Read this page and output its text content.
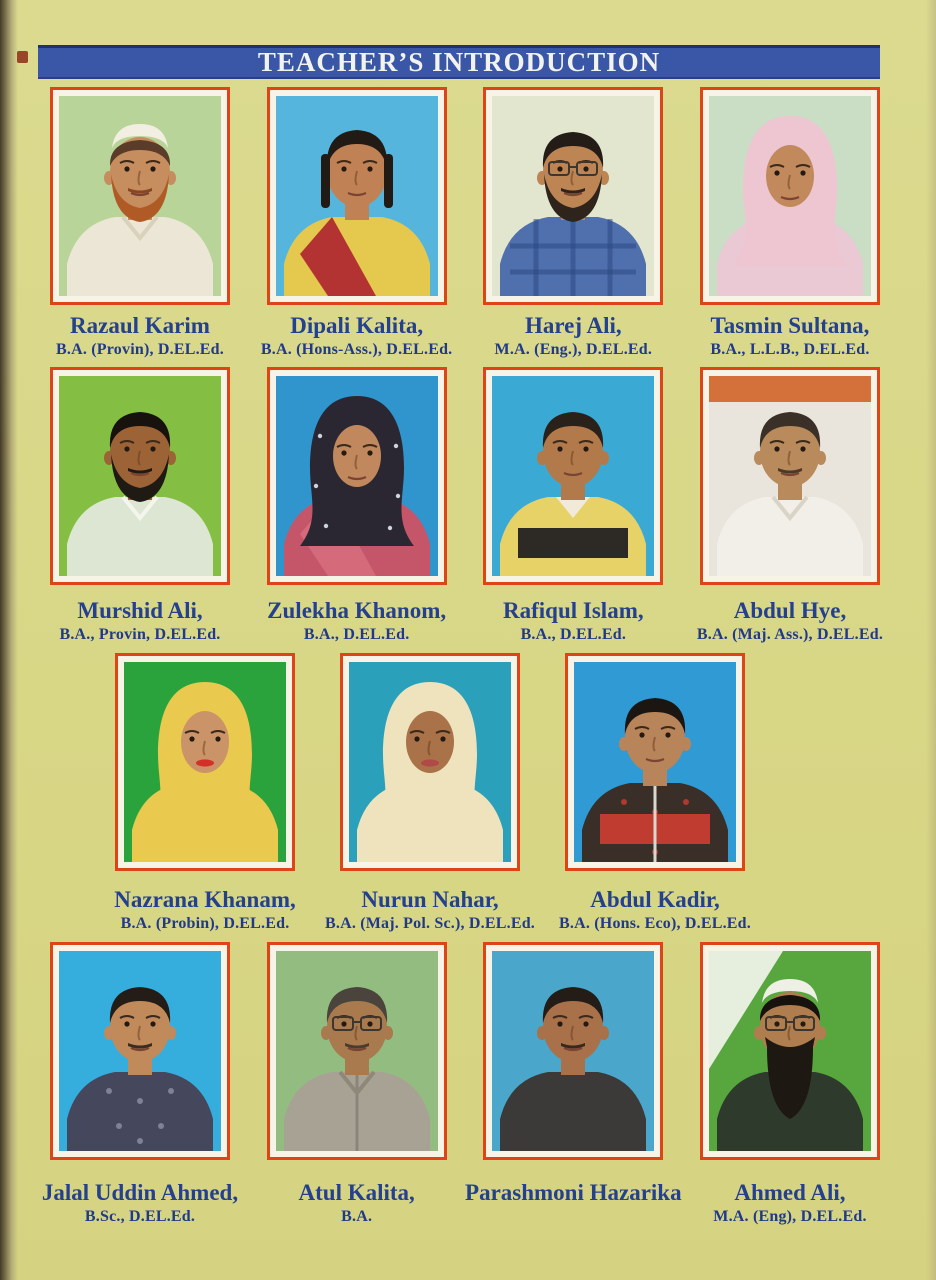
TEACHER’S INTRODUCTION
Razaul Karim
B.A. (Provin), D.EL.Ed.
Dipali Kalita,
B.A. (Hons-Ass.), D.EL.Ed.
Harej Ali,
M.A. (Eng.), D.EL.Ed.
Tasmin Sultana,
B.A., L.L.B., D.EL.Ed.
Murshid Ali,
B.A., Provin, D.EL.Ed.
Zulekha Khanom,
B.A., D.EL.Ed.
Rafiqul Islam,
B.A., D.EL.Ed.
Abdul Hye,
B.A. (Maj. Ass.), D.EL.Ed.
Nazrana Khanam,
B.A. (Probin), D.EL.Ed.
Nurun Nahar,
B.A. (Maj. Pol. Sc.), D.EL.Ed.
Abdul Kadir,
B.A. (Hons. Eco), D.EL.Ed.
Jalal Uddin Ahmed,
B.Sc., D.EL.Ed.
Atul Kalita,
B.A.
Parashmoni Hazarika Ahmed Ali,
M.A. (Eng), D.EL.Ed.
